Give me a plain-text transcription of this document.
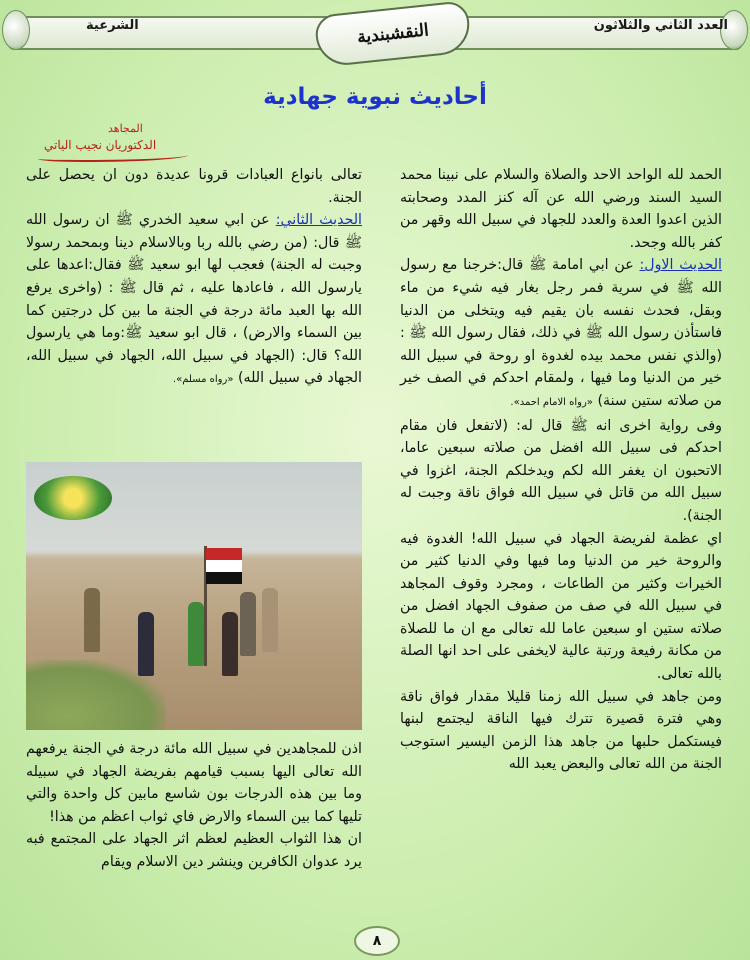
الشرعية	العدد الثاني والثلاثون
النقشبندية
أحاديث نبوية جهادية
المجاهد
الدكتوريان نجيب الياتي

الحمد لله الواحد الاحد والصلاة والسلام على نبينا محمد السيد السند ورضي الله عن آله كنز المدد وصحابته الذين اعدوا العدة والعدد للجهاد في سبيل الله وقهر من كفر بالله وجحد.

الحديث الاول: عن ابي امامة ﷺ قال:خرجنا مع رسول الله ﷺ في سرية فمر رجل بغار فيه شيء من ماء وبقل، فحدث نفسه بان يقيم فيه ويتخلى من الدنيا فاستأذن رسول الله ﷺ في ذلك، فقال رسول الله ﷺ : (والذي نفس محمد بيده لغدوة او روحة في سبيل الله خير من الدنيا وما فيها ، ولمقام احدكم في الصف خير من صلاته ستين سنة) «رواه الامام احمد».

وفى رواية اخرى انه ﷺ قال له: (لاتفعل فان مقام احدكم فى سبيل الله افضل من صلاته سبعين عاما، الاتحبون ان يغفر الله لكم ويدخلكم الجنة، اغزوا في سبيل الله من قاتل في سبيل الله فواق ناقة وجبت له الجنة).

اي عظمة لفريضة الجهاد في سبيل الله! الغدوة فيه والروحة خير من الدنيا وما فيها وفي الدنيا كثير من الخيرات وكثير من الطاعات ، ومجرد وقوف المجاهد في سبيل الله في صف من صفوف الجهاد افضل من صلاته ستين او سبعين عاما لله تعالى مع ان ما للصلاة من مكانة رفيعة ورتبة عالية لايخفى على احد انها الصلة بالله تعالى.

ومن جاهد في سبيل الله زمنا قليلا مقدار فواق ناقة وهي فترة قصيرة تترك فيها الناقة ليجتمع لبنها فيستكمل حلبها من جاهد هذا الزمن اليسير استوجب الجنة من الله تعالى والبعض يعبد الله

تعالى بانواع العبادات قرونا عديدة دون ان يحصل على الجنة.

الحديث الثاني: عن ابي سعيد الخدري ﷺ ان رسول الله ﷺ قال: (من رضي بالله ربا وبالاسلام دينا وبمحمد رسولا وجبت له الجنة) فعجب لها ابو سعيد ﷺ فقال:اعدها على يارسول الله ، فاعادها عليه ، ثم قال ﷺ : (واخرى يرفع الله بها العبد مائة درجة في الجنة ما بين كل درجتين كما بين السماء والارض) ، قال ابو سعيد ﷺ:وما هي يارسول الله؟ قال: (الجهاد في سبيل الله، الجهاد في سبيل الله، الجهاد في سبيل الله) «رواه مسلم».

اذن للمجاهدين في سبيل الله مائة درجة في الجنة يرفعهم الله تعالى اليها بسبب قيامهم بفريضة الجهاد في سبيله وما بين هذه الدرجات بون شاسع مابين كل واحدة والتي تليها كما بين السماء والارض فاي ثواب اعظم من هذا!

ان هذا الثواب العظيم لعظم اثر الجهاد على المجتمع فبه يرد عدوان الكافرين وينشر دين الاسلام ويقام

٨
